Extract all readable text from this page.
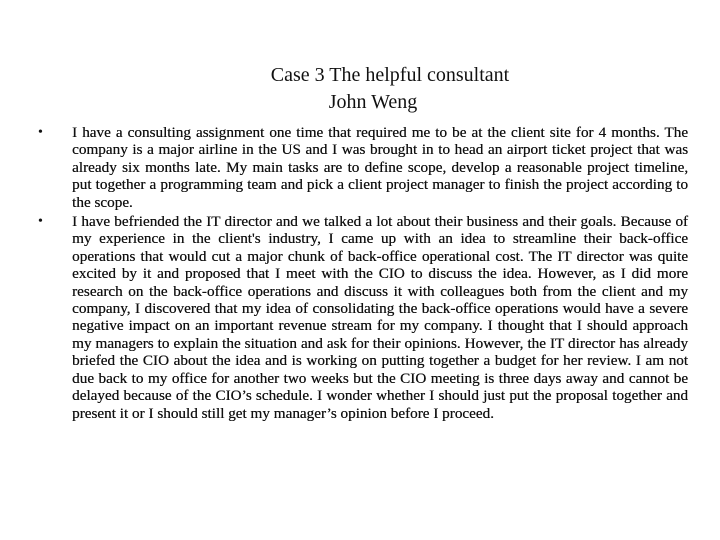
Case 3 The helpful consultant
John Weng
• I have a consulting assignment one time that required me to be at the client site for 4 months. The company is a major airline in the US and I was brought in to head an airport ticket project that was already six months late. My main tasks are to define scope, develop a reasonable project timeline, put together a programming team and pick a client project manager to finish the project according to the scope.
• I have befriended the IT director and we talked a lot about their business and their goals. Because of my experience in the client's industry, I came up with an idea to streamline their back-office operations that would cut a major chunk of back-office operational cost. The IT director was quite excited by it and proposed that I meet with the CIO to discuss the idea. However, as I did more research on the back-office operations and discuss it with colleagues both from the client and my company, I discovered that my idea of consolidating the back-office operations would have a severe negative impact on an important revenue stream for my company. I thought that I should approach my managers to explain the situation and ask for their opinions. However, the IT director has already briefed the CIO about the idea and is working on putting together a budget for her review. I am not due back to my office for another two weeks but the CIO meeting is three days away and cannot be delayed because of the CIO’s schedule. I wonder whether I should just put the proposal together and present it or I should still get my manager’s opinion before I proceed.
